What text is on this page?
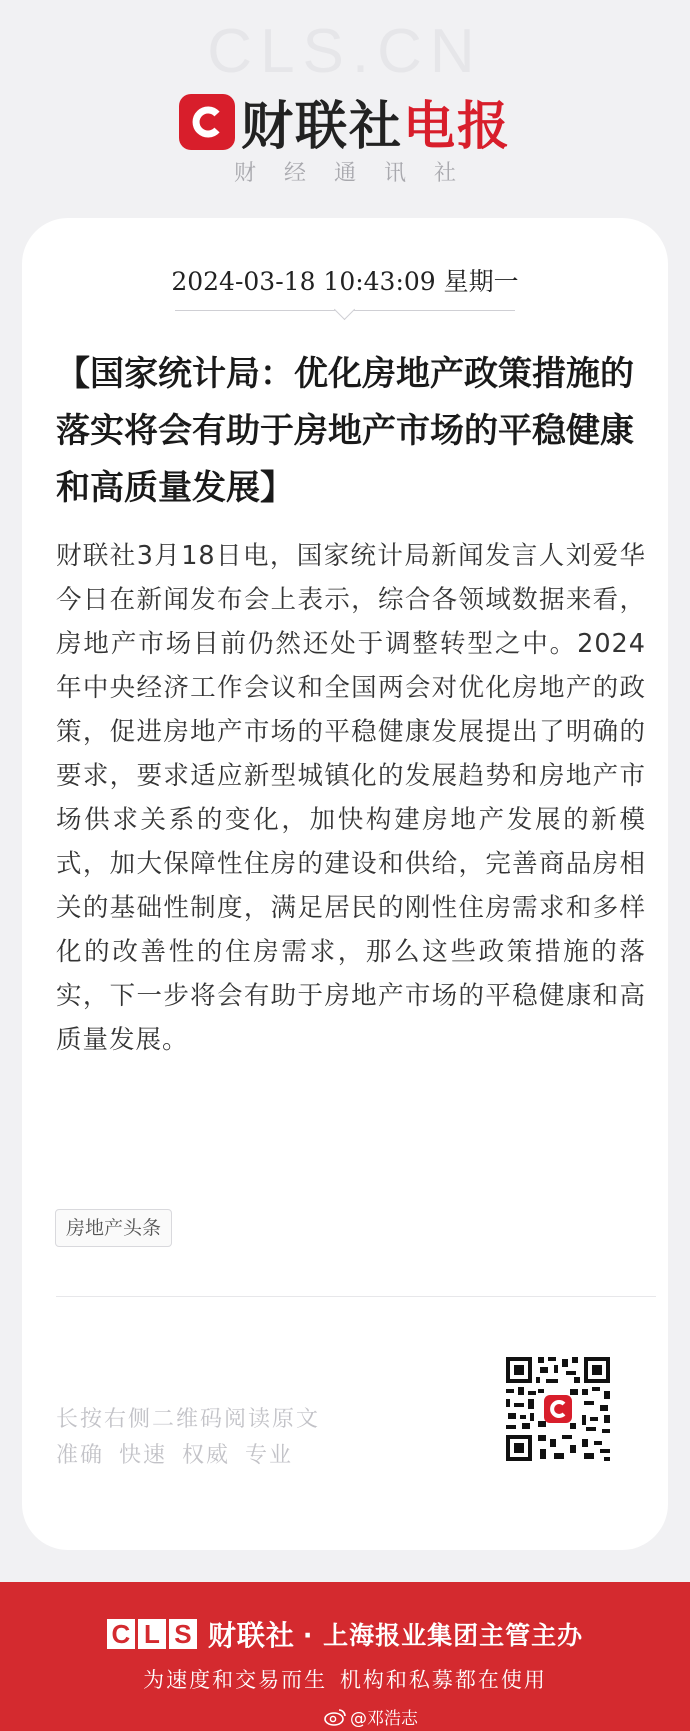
CLS.CN
财联社 电报
财经通讯社
2024-03-18 10:43:09 星期一
【国家统计局：优化房地产政策措施的落实将会有助于房地产市场的平稳健康和高质量发展】

财联社3月18日电，国家统计局新闻发言人刘爱华今日在新闻发布会上表示，综合各领域数据来看，房地产市场目前仍然还处于调整转型之中。2024年中央经济工作会议和全国两会对优化房地产的政策，促进房地产市场的平稳健康发展提出了明确的要求，要求适应新型城镇化的发展趋势和房地产市场供求关系的变化，加快构建房地产发展的新模式，加大保障性住房的建设和供给，完善商品房相关的基础性制度，满足居民的刚性住房需求和多样化的改善性的住房需求，那么这些政策措施的落实，下一步将会有助于房地产市场的平稳健康和高质量发展。

房地产头条
长按右侧二维码阅读原文
准确 快速 权威 专业
C L S 财联社 · 上海报业集团主管主办
为速度和交易而生 机构和私募都在使用
@邓浩志
